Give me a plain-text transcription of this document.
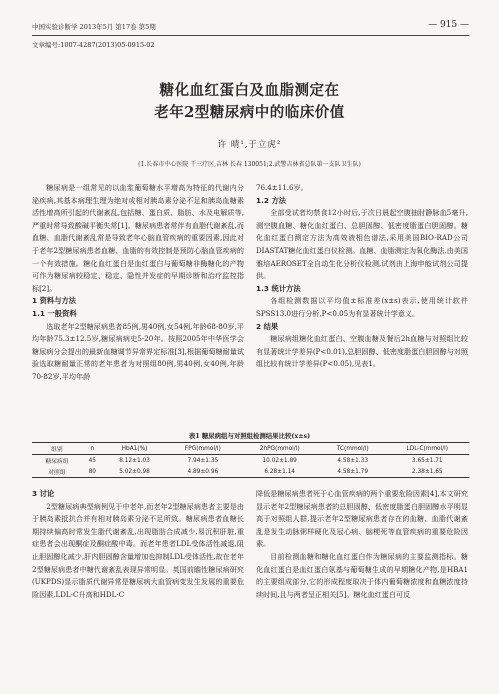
中国实验诊断学 2013年5月 第17卷 第5期	— 915 —
文章编号:1007-4287(2013)05-0915-02
糖化血红蛋白及血脂测定在
老年2型糖尿病中的临床价值
许 晴¹,于立虎²
(1.长春市中心医院 干三疗区,吉林 长春 130051;2.武警吉林省总队第一支队卫生队)

糖尿病是一组常见的以血浆葡萄糖水平增高为特征的代谢内分泌疾病,其基本病理生理为绝对或相对胰岛素分泌不足和胰岛血糖素活性增高所引起的代谢紊乱,包括糖、蛋白质、脂肪、水及电解质等,严重时常导致酸碱平衡失常[1]。糖尿病患者常伴有血脂代谢紊乱,而血糖、血脂代谢紊乱常是导致老年心脑血管疾病的重要因素,因此对于老年2型糖尿病患者血糖、血脂的有效控制是预防心脑血管疾病的一个有效措施。糖化血红蛋白是血红蛋白与葡萄糖非酶糖化的产物可作为糖尿病较稳定、稳定、隐性并发症的早期诊断和治疗监控指标[2]。

1 资料与方法

1.1 一般资料

选取老年2型糖尿病患者85例,男40例,女54例,年龄68-80岁,平均年龄75.3±12.5岁,糖尿病病史5-20年。按照2005年中华医学会糖尿病分会提出的最新血糖调节异常界定标准[3],根据葡萄糖耐量试验选取糖耐量正常的老年患者为对照组80例,男40例,女40例,年龄70-82岁,平均年龄

76.4±11.6岁。

1.2 方法

全部受试者均禁食12小时后,于次日晨起空腹抽肘静脉血5毫升,测空腹血糖、糖化血红蛋白、总胆固醇、低密度脂蛋白胆固醇。糖化血红蛋白测定方法为高效液相色谱法,采用美国BIO-RAD公司DIASTAT糖化血红蛋白仪检测。血糖、血脂测定为氧化酶法,由美国雅培AEROSET全自动生化分析仪检测,试剂由上海申能试剂公司提供。

1.3 统计方法

各组检测数据以平均值±标准差(x±s)表示,使用统计软件SPSS13.0进行分析,P<0.05为有显著统计学意义。

2 结果

糖尿病组糖化血红蛋白、空腹血糖及餐后2h血糖与对照组比较有显著统计学差异(P<0.01),总胆固醇、低密度脂蛋白胆固醇与对照组比较有统计学差异(P<0.05),见表1。

表1 糖尿病组与对照组检测结果比较(x±s)
组别	n	HbA1(%)	FPG(mmol/l)	2hPG(mmol/l)	TC(mmol/l)	LDL-C(mmol/l)
糖尿病组	45	8.12±1.03	7.94±1.35	10.02±1.89	4.58±1.33	3.65±1.71
对照组	80	5.02±0.98	4.89±0.96	6.28±1.14	4.58±1.79	2.38±1.65

3 讨论

2型糖尿病典型病例见于中老年,而老年2型糖尿病患者主要是由于胰岛素抵抗合并有相对胰岛素分泌不足所致。糖尿病患者血糖长期持续偏高时常发生脂代谢紊乱,出现脂肪合成减少,易沉积肝脏,重症患者会出现酮症及酮症酸中毒。而老年患者LDL受体活性减退,阻止胆固醇化减少,肝内胆固醇含量增加也抑制LDL受体活性,故在老年2型糖尿病患者中糖代谢紊乱表现异常明显。英国前瞻性糖尿病研究(UKPDS)显示脂质代谢异常是糖尿病大血管病变发生发展的重要危险因素,LDL-C升高和HDL-C

降低是糖尿病患者死于心血管疾病的两个重要危险因素[4],本文研究显示老年2型糖尿病患者的总胆固醇、低密度脂蛋白胆固醇水平明显高于对照组人群,提示老年2型糖尿病患者存在的血糖、血脂代谢紊乱是发生动脉粥样硬化及冠心病、脑梗死等血管疾病的重要危险因素。

目前检测血糖和糖化血红蛋白作为糖尿病的主要监测指标。糖化血红蛋白是血红蛋白氨基与葡萄糖生成的早期糖化产物,是HBA1的主要组成部分,它的形成程度取决于体内葡萄糖浓度和血糖浓度持续时间,且与两者呈正相关[5]。糖化血红蛋白可反
